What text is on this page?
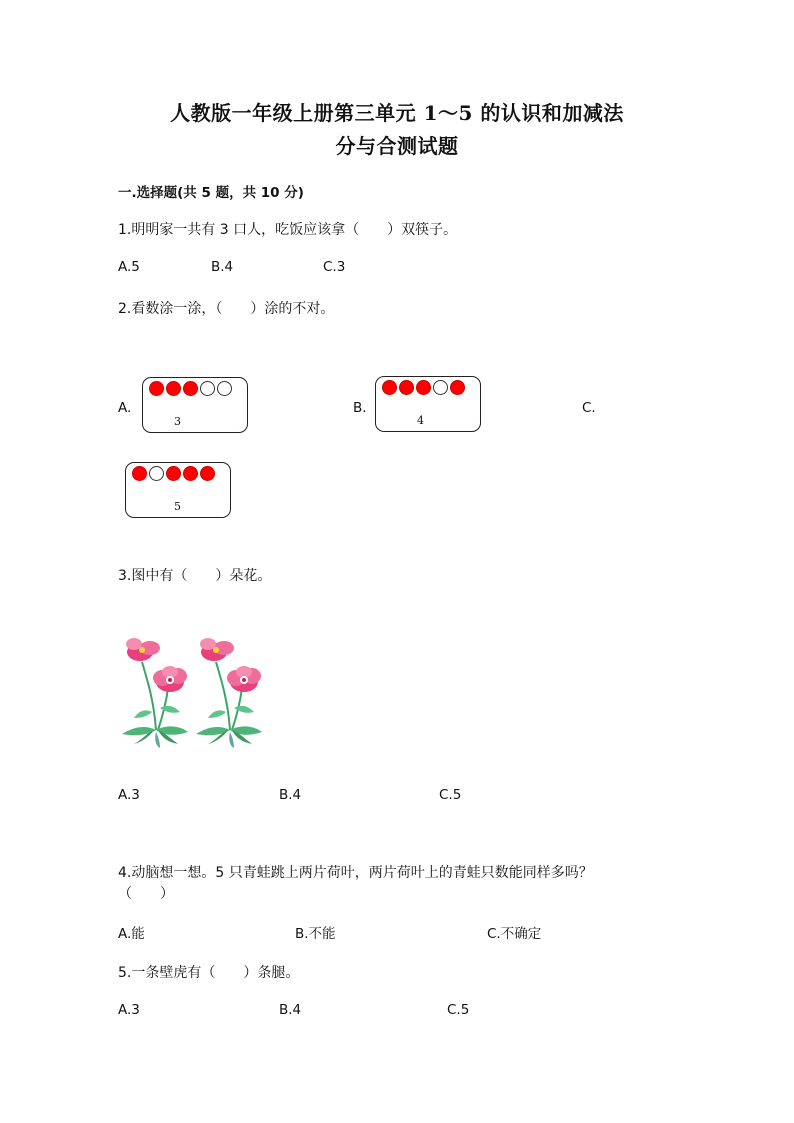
人教版一年级上册第三单元 1～5 的认识和加减法
分与合测试题
一.选择题(共 5 题，共 10 分)
1.明明家一共有 3 口人，吃饭应该拿（　　）双筷子。
A.5	B.4	C.3
2.看数涂一涂，（　　）涂的不对。
A.
3
B.
4
C.
5
3.图中有（　　）朵花。
A.3	B.4	C.5
4.动脑想一想。5 只青蛙跳上两片荷叶，两片荷叶上的青蛙只数能同样多吗？
（　　）
A.能	B.不能	C.不确定
5.一条壁虎有（　　）条腿。
A.3	B.4	C.5
